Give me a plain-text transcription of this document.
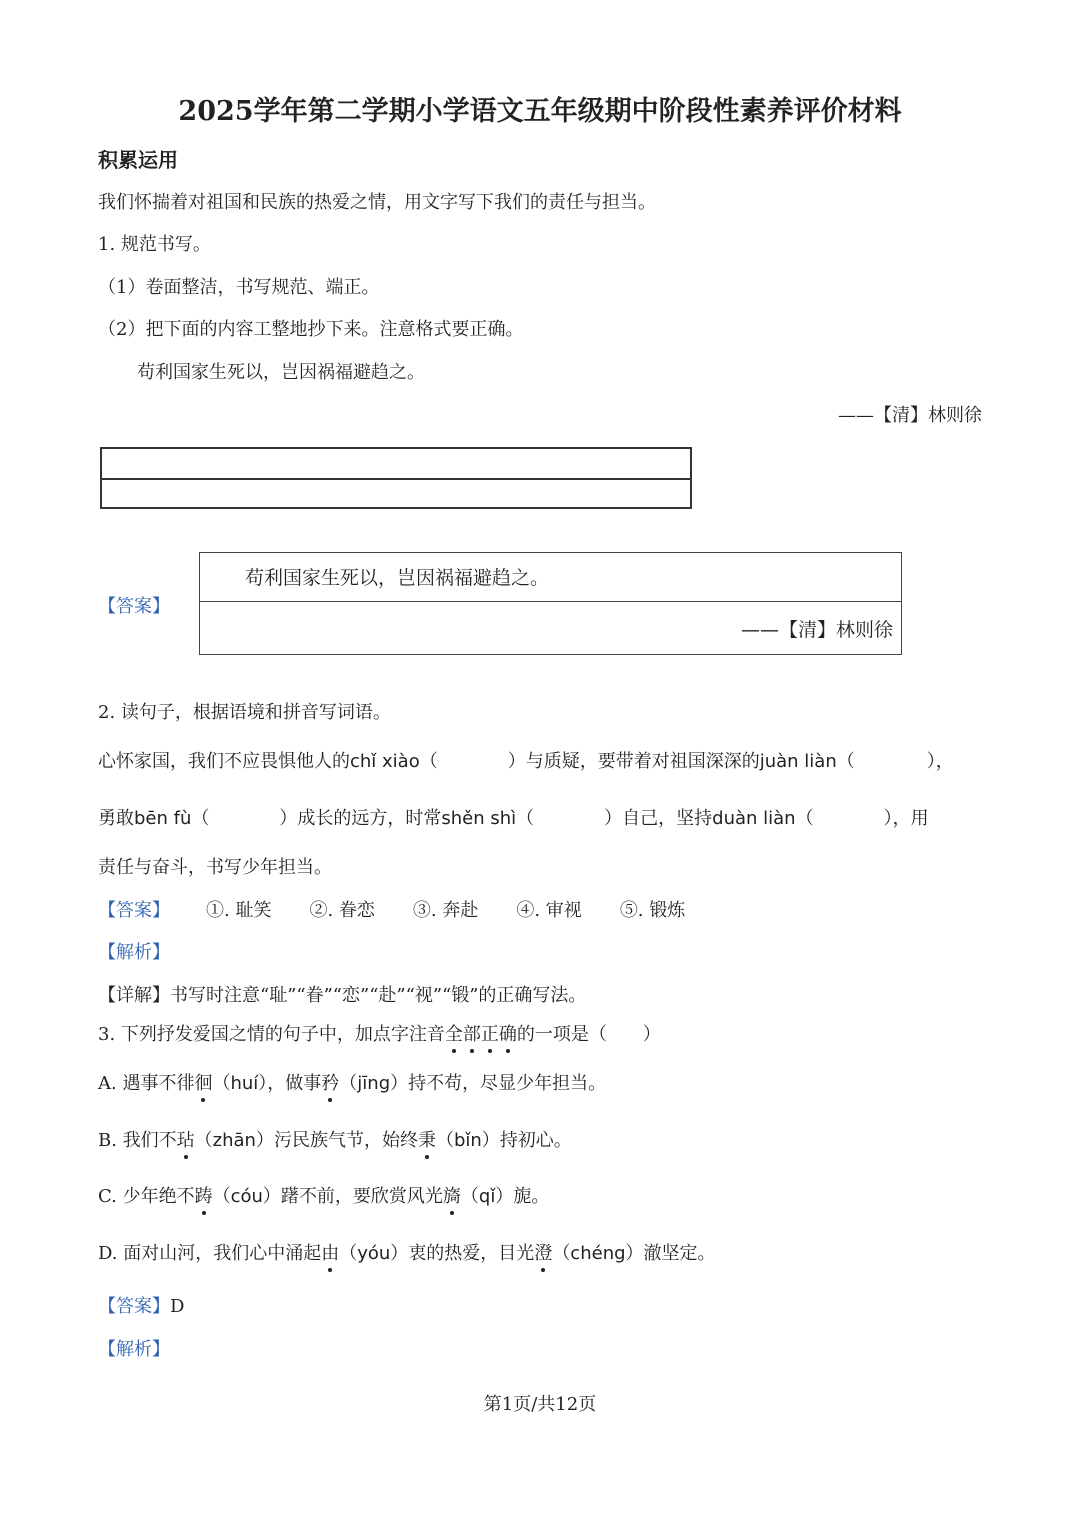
2025学年第二学期小学语文五年级期中阶段性素养评价材料
积累运用
我们怀揣着对祖国和民族的热爱之情，用文字写下我们的责任与担当。
1. 规范书写。
（1）卷面整洁，书写规范、端正。
（2）把下面的内容工整地抄下来。注意格式要正确。
苟利国家生死以，岂因祸福避趋之。
——【清】林则徐
【答案】
苟利国家生死以，岂因祸福避趋之。
——【清】林则徐
2. 读句子，根据语境和拼音写词语。
心怀家国，我们不应畏惧他人的chǐ xiào（	）与质疑，要带着对祖国深深的juàn liàn（	），
勇敢bēn fù（	）成长的远方，时常shěn shì（	）自己，坚持duàn liàn（	），用
责任与奋斗，书写少年担当。
【答案】 ①. 耻笑 ②. 眷恋 ③. 奔赴 ④. 审视 ⑤. 锻炼
【解析】
【详解】书写时注意“耻”“眷”“恋”“赴”“视”“锻”的正确写法。
3. 下列抒发爱国之情的句子中，加点字注音全部正确的一项是（　　）
A. 遇事不徘徊（huí），做事矜（jīng）持不苟，尽显少年担当。
B. 我们不玷（zhān）污民族气节，始终秉（bǐn）持初心。
C. 少年绝不踌（cóu）躇不前，要欣赏风光旖（qǐ）旎。
D. 面对山河，我们心中涌起由（yóu）衷的热爱，目光澄（chéng）澈坚定。
【答案】D
【解析】
第1页/共12页
